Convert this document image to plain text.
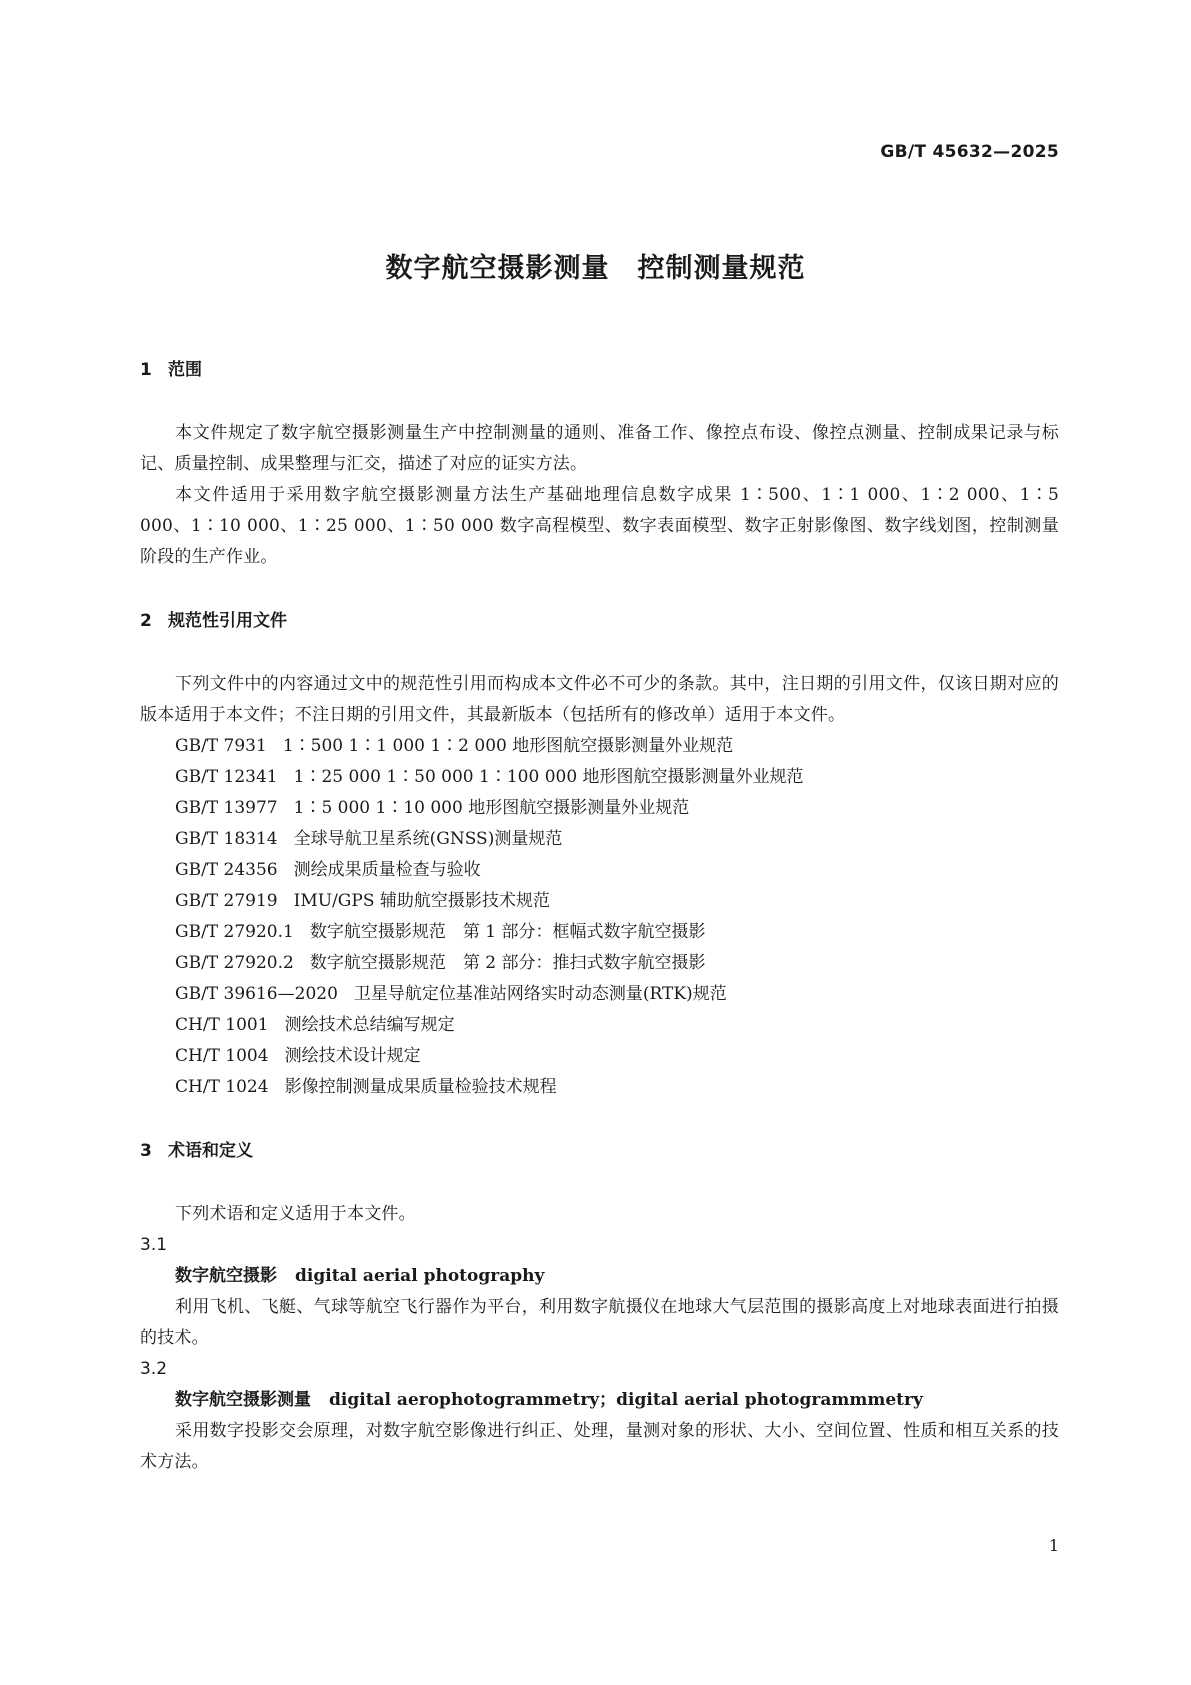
GB/T 45632—2025
数字航空摄影测量　控制测量规范
1 范围

本文件规定了数字航空摄影测量生产中控制测量的通则、准备工作、像控点布设、像控点测量、控制成果记录与标记、质量控制、成果整理与汇交，描述了对应的证实方法。

本文件适用于采用数字航空摄影测量方法生产基础地理信息数字成果 1∶500、1∶1 000、1∶2 000、1∶5 000、1∶10 000、1∶25 000、1∶50 000 数字高程模型、数字表面模型、数字正射影像图、数字线划图，控制测量阶段的生产作业。

2 规范性引用文件

下列文件中的内容通过文中的规范性引用而构成本文件必不可少的条款。其中，注日期的引用文件，仅该日期对应的版本适用于本文件；不注日期的引用文件，其最新版本（包括所有的修改单）适用于本文件。

GB/T 7931 1∶500 1∶1 000 1∶2 000 地形图航空摄影测量外业规范
GB/T 12341 1∶25 000 1∶50 000 1∶100 000 地形图航空摄影测量外业规范
GB/T 13977 1∶5 000 1∶10 000 地形图航空摄影测量外业规范
GB/T 18314 全球导航卫星系统(GNSS)测量规范
GB/T 24356 测绘成果质量检查与验收
GB/T 27919 IMU/GPS 辅助航空摄影技术规范
GB/T 27920.1 数字航空摄影规范　第 1 部分：框幅式数字航空摄影
GB/T 27920.2 数字航空摄影规范　第 2 部分：推扫式数字航空摄影
GB/T 39616—2020 卫星导航定位基准站网络实时动态测量(RTK)规范
CH/T 1001 测绘技术总结编写规定
CH/T 1004 测绘技术设计规定
CH/T 1024 影像控制测量成果质量检验技术规程
3 术语和定义

下列术语和定义适用于本文件。

3.1
数字航空摄影 digital aerial photography

利用飞机、飞艇、气球等航空飞行器作为平台，利用数字航摄仪在地球大气层范围的摄影高度上对地球表面进行拍摄的技术。

3.2
数字航空摄影测量 digital aerophotogrammetry；digital aerial photogrammmetry

采用数字投影交会原理，对数字航空影像进行纠正、处理，量测对象的形状、大小、空间位置、性质和相互关系的技术方法。

1
